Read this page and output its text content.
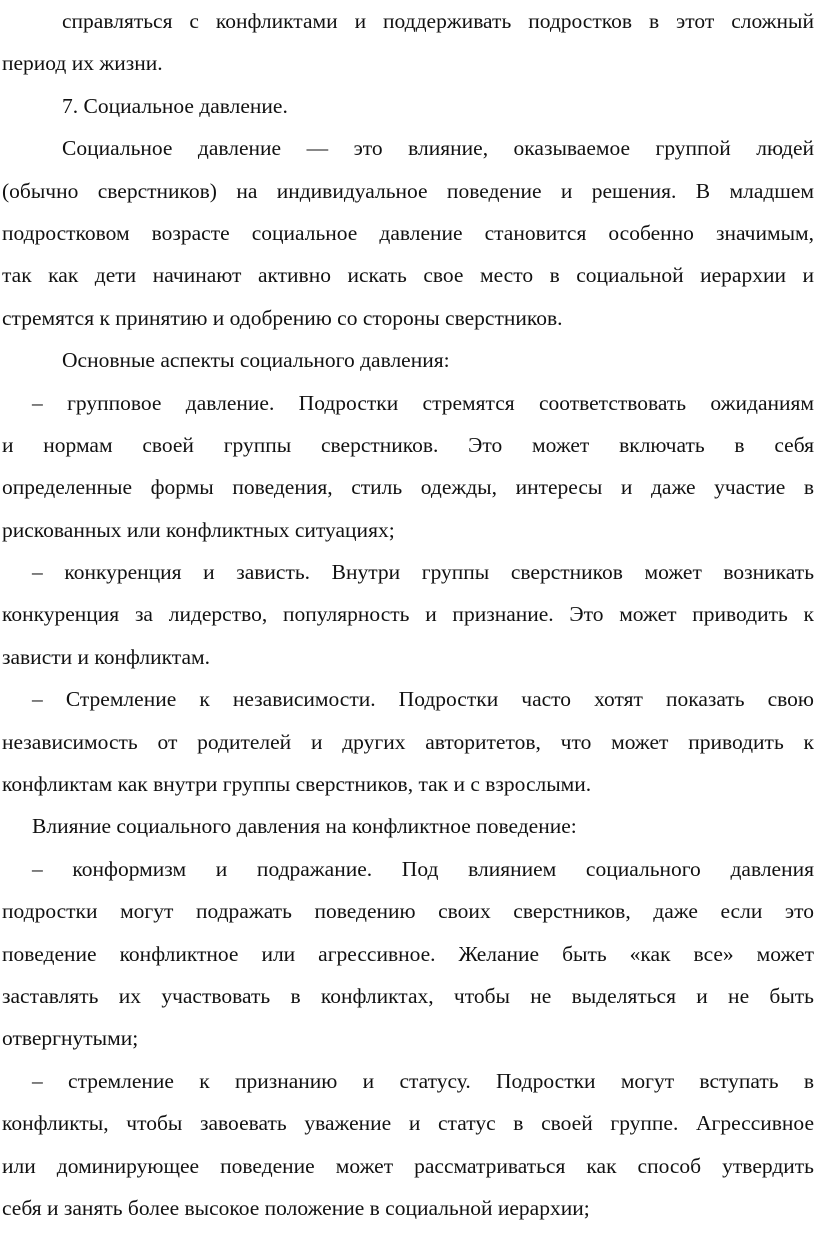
справляться с конфликтами и поддерживать подростков в этот сложный
период их жизни.
7. Социальное давление.
Социальное давление — это влияние, оказываемое группой людей
(обычно сверстников) на индивидуальное поведение и решения. В младшем
подростковом возрасте социальное давление становится особенно значимым,
так как дети начинают активно искать свое место в социальной иерархии и
стремятся к принятию и одобрению со стороны сверстников.
Основные аспекты социального давления:
– групповое давление. Подростки стремятся соответствовать ожиданиям
и нормам своей группы сверстников. Это может включать в себя
определенные формы поведения, стиль одежды, интересы и даже участие в
рискованных или конфликтных ситуациях;
– конкуренция и зависть. Внутри группы сверстников может возникать
конкуренция за лидерство, популярность и признание. Это может приводить к
зависти и конфликтам.
– Стремление к независимости. Подростки часто хотят показать свою
независимость от родителей и других авторитетов, что может приводить к
конфликтам как внутри группы сверстников, так и с взрослыми.
Влияние социального давления на конфликтное поведение:
– конформизм и подражание. Под влиянием социального давления
подростки могут подражать поведению своих сверстников, даже если это
поведение конфликтное или агрессивное. Желание быть «как все» может
заставлять их участвовать в конфликтах, чтобы не выделяться и не быть
отвергнутыми;
– стремление к признанию и статусу. Подростки могут вступать в
конфликты, чтобы завоевать уважение и статус в своей группе. Агрессивное
или доминирующее поведение может рассматриваться как способ утвердить
себя и занять более высокое положение в социальной иерархии;
